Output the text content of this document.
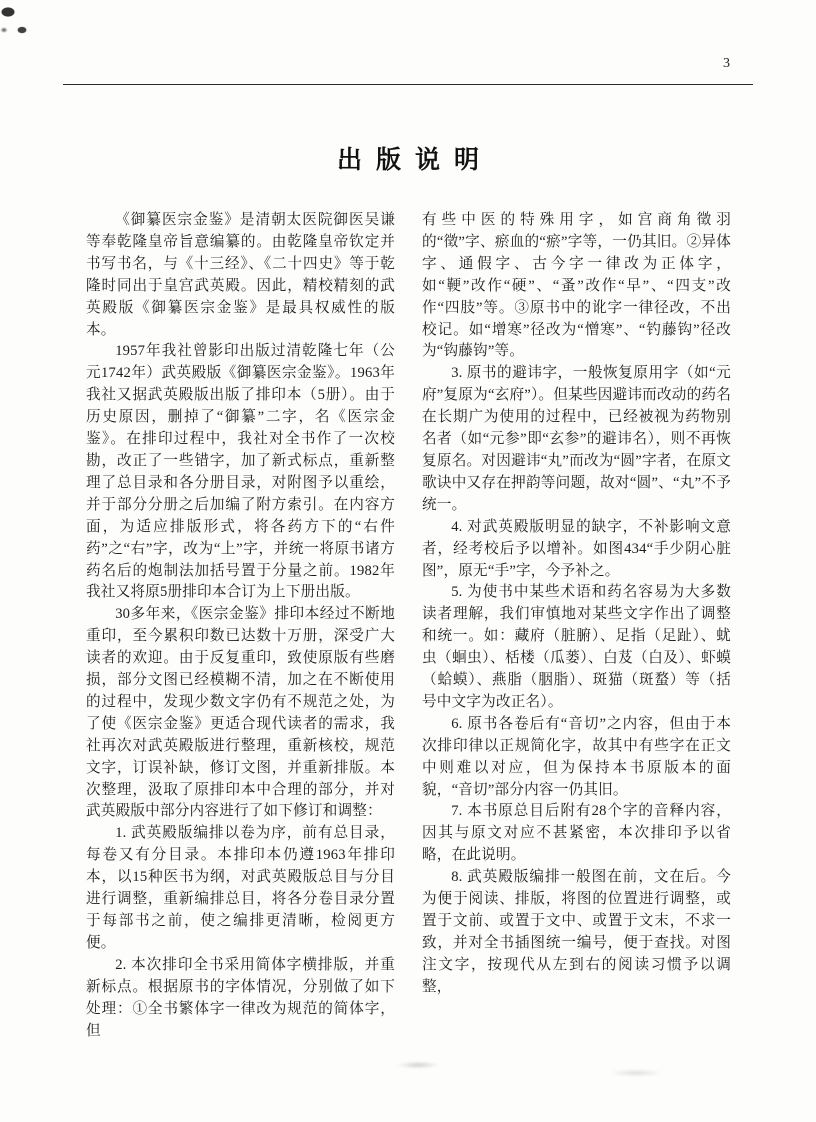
3
出版说明

《御纂医宗金鉴》是清朝太医院御医吴谦等奉乾隆皇帝旨意编纂的。由乾隆皇帝钦定并书写书名，与《十三经》、《二十四史》等于乾隆时同出于皇宫武英殿。因此，精校精刻的武英殿版《御纂医宗金鉴》是最具权威性的版本。

1957年我社曾影印出版过清乾隆七年（公元1742年）武英殿版《御纂医宗金鉴》。1963年我社又据武英殿版出版了排印本（5册）。由于历史原因，删掉了“御纂”二字，名《医宗金鉴》。在排印过程中，我社对全书作了一次校勘，改正了一些错字，加了新式标点，重新整理了总目录和各分册目录，对附图予以重绘，并于部分分册之后加编了附方索引。在内容方面，为适应排版形式，将各药方下的“右件药”之“右”字，改为“上”字，并统一将原书诸方药名后的炮制法加括号置于分量之前。1982年我社又将原5册排印本合订为上下册出版。

30多年来，《医宗金鉴》排印本经过不断地重印，至今累积印数已达数十万册，深受广大读者的欢迎。由于反复重印，致使原版有些磨损，部分文图已经模糊不清，加之在不断使用的过程中，发现少数文字仍有不规范之处，为了使《医宗金鉴》更适合现代读者的需求，我社再次对武英殿版进行整理，重新核校，规范文字，订误补缺，修订文图，并重新排版。本次整理，汲取了原排印本中合理的部分，并对武英殿版中部分内容进行了如下修订和调整：

1. 武英殿版编排以卷为序，前有总目录，每卷又有分目录。本排印本仍遵1963年排印本，以15种医书为纲，对武英殿版总目与分目进行调整，重新编排总目，将各分卷目录分置于每部书之前，使之编排更清晰，检阅更方便。

2. 本次排印全书采用简体字横排版，并重新标点。根据原书的字体情况，分别做了如下处理：①全书繁体字一律改为规范的简体字，但

有些中医的特殊用字，如宫商角徵羽的“徵”字、瘀血的“瘀”字等，一仍其旧。②异体字、通假字、古今字一律改为正体字，如“鞕”改作“硬”、“蚤”改作“早”、“四支”改作“四肢”等。③原书中的讹字一律径改，不出校记。如“增寒”径改为“憎寒”、“钓藤钩”径改为“钩藤钩”等。

3. 原书的避讳字，一般恢复原用字（如“元府”复原为“玄府”）。但某些因避讳而改动的药名在长期广为使用的过程中，已经被视为药物别名者（如“元参”即“玄参”的避讳名），则不再恢复原名。对因避讳“丸”而改为“圆”字者，在原文歌诀中又存在押韵等问题，故对“圆”、“丸”不予统一。

4. 对武英殿版明显的缺字，不补影响文意者，经考校后予以增补。如图434“手少阴心脏图”，原无“手”字，今予补之。

5. 为使书中某些术语和药名容易为大多数读者理解，我们审慎地对某些文字作出了调整和统一。如：藏府（脏腑）、足指（足趾）、蚘虫（蛔虫）、栝楼（瓜蒌）、白芨（白及）、虾蟆（蛤蟆）、燕脂（胭脂）、斑猫（斑蝥）等（括号中文字为改正名）。

6. 原书各卷后有“音切”之内容，但由于本次排印律以正规简化字，故其中有些字在正文中则难以对应，但为保持本书原版本的面貌，“音切”部分内容一仍其旧。

7. 本书原总目后附有28个字的音释内容，因其与原文对应不甚紧密，本次排印予以省略，在此说明。

8. 武英殿版编排一般图在前，文在后。今为便于阅读、排版，将图的位置进行调整，或置于文前、或置于文中、或置于文末，不求一致，并对全书插图统一编号，便于查找。对图注文字，按现代从左到右的阅读习惯予以调整，
